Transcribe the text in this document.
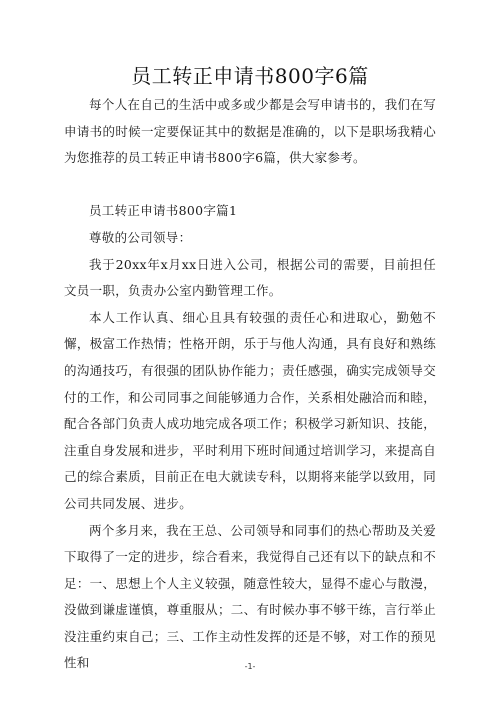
员工转正申请书800字6篇

每个人在自己的生活中或多或少都是会写申请书的，我们在写申请书的时候一定要保证其中的数据是准确的，以下是职场我精心为您推荐的员工转正申请书800字6篇，供大家参考。

员工转正申请书800字篇1

尊敬的公司领导：

我于20xx年x月xx日进入公司，根据公司的需要，目前担任文员一职，负责办公室内勤管理工作。

本人工作认真、细心且具有较强的责任心和进取心，勤勉不懈，极富工作热情；性格开朗，乐于与他人沟通，具有良好和熟练的沟通技巧，有很强的团队协作能力；责任感强，确实完成领导交付的工作，和公司同事之间能够通力合作，关系相处融洽而和睦，配合各部门负责人成功地完成各项工作；积极学习新知识、技能，注重自身发展和进步，平时利用下班时间通过培训学习，来提高自己的综合素质，目前正在电大就读专科，以期将来能学以致用，同公司共同发展、进步。

两个多月来，我在王总、公司领导和同事们的热心帮助及关爱下取得了一定的进步，综合看来，我觉得自己还有以下的缺点和不足：一、思想上个人主义较强，随意性较大，显得不虚心与散漫，没做到谦虚谨慎，尊重服从；二、有时候办事不够干练，言行举止没注重约束自己；三、工作主动性发挥的还是不够，对工作的预见性和	-1-
